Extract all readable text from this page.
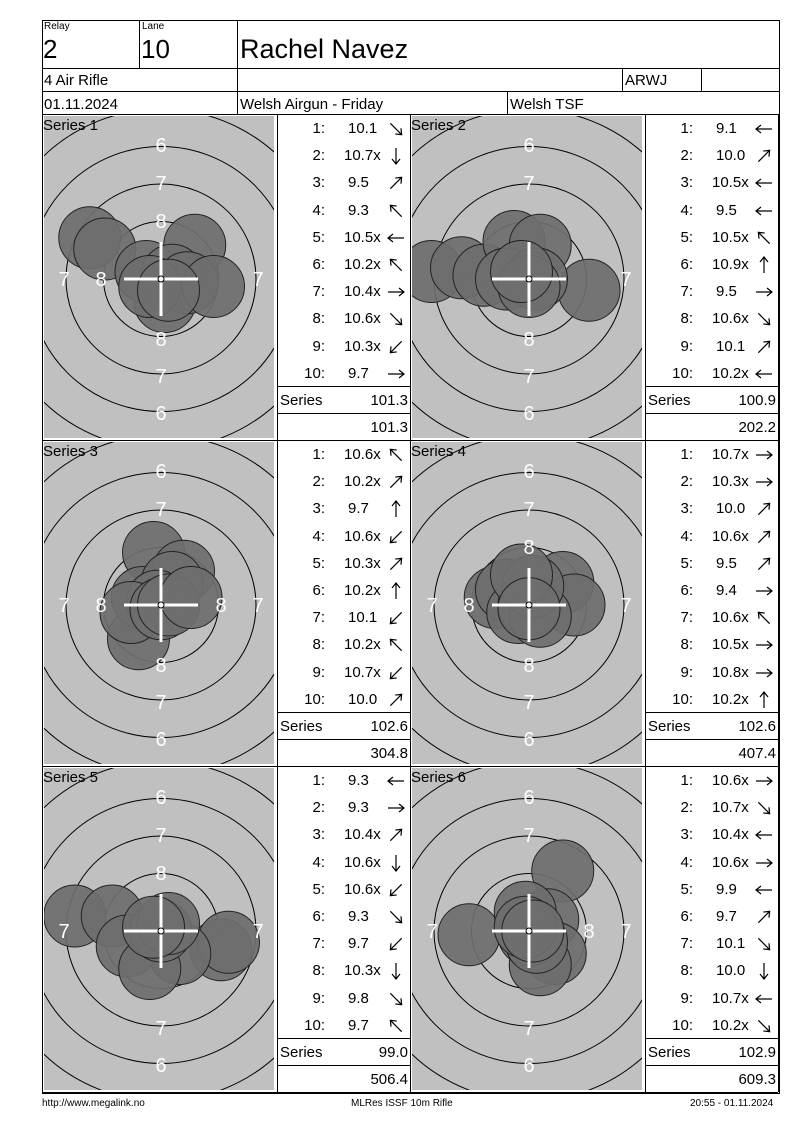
Relay
2
Lane
10	Rachel Navez
4 Air Rifle	ARWJ
01.11.2024	Welsh Airgun - Friday	Welsh TSF
6
7
8
8
7
6
7 8	7
Series 1	1: 10.1
2: 10.7x
3: 9.5
4: 9.3
5: 10.5x
6: 10.2x
7: 10.4x
8: 10.6x
9: 10.3x
10: 9.7
Series	101.3
101.3
6
7
8
7
6
7
Series 2	1: 9.1
2: 10.0
3: 10.5x
4: 9.5
5: 10.5x
6: 10.9x
7: 9.5
8: 10.6x
9: 10.1
10: 10.2x
Series	100.9
202.2
6
7
8
7
6
7 8	8 7
Series 3	1: 10.6x
2: 10.2x
3: 9.7
4: 10.6x
5: 10.3x
6: 10.2x
7: 10.1
8: 10.2x
9: 10.7x
10: 10.0
Series	102.6
304.8
6
7
8
8
7
6
7 8	7
Series 4	1: 10.7x
2: 10.3x
3: 10.0
4: 10.6x
5: 9.5
6: 9.4
7: 10.6x
8: 10.5x
9: 10.8x
10: 10.2x
Series	102.6
407.4
6
7
8
7
6
7	7
Series 5	1: 9.3
2: 9.3
3: 10.4x
4: 10.6x
5: 10.6x
6: 9.3
7: 9.7
8: 10.3x
9: 9.8
10: 9.7
Series	99.0
506.4
6
7
7
6
7	8 7
Series 6	1: 10.6x
2: 10.7x
3: 10.4x
4: 10.6x
5: 9.9
6: 9.7
7: 10.1
8: 10.0
9: 10.7x
10: 10.2x
Series	102.9
609.3
http://www.megalink.no	MLRes ISSF 10m Rifle	20:55 - 01.11.2024
